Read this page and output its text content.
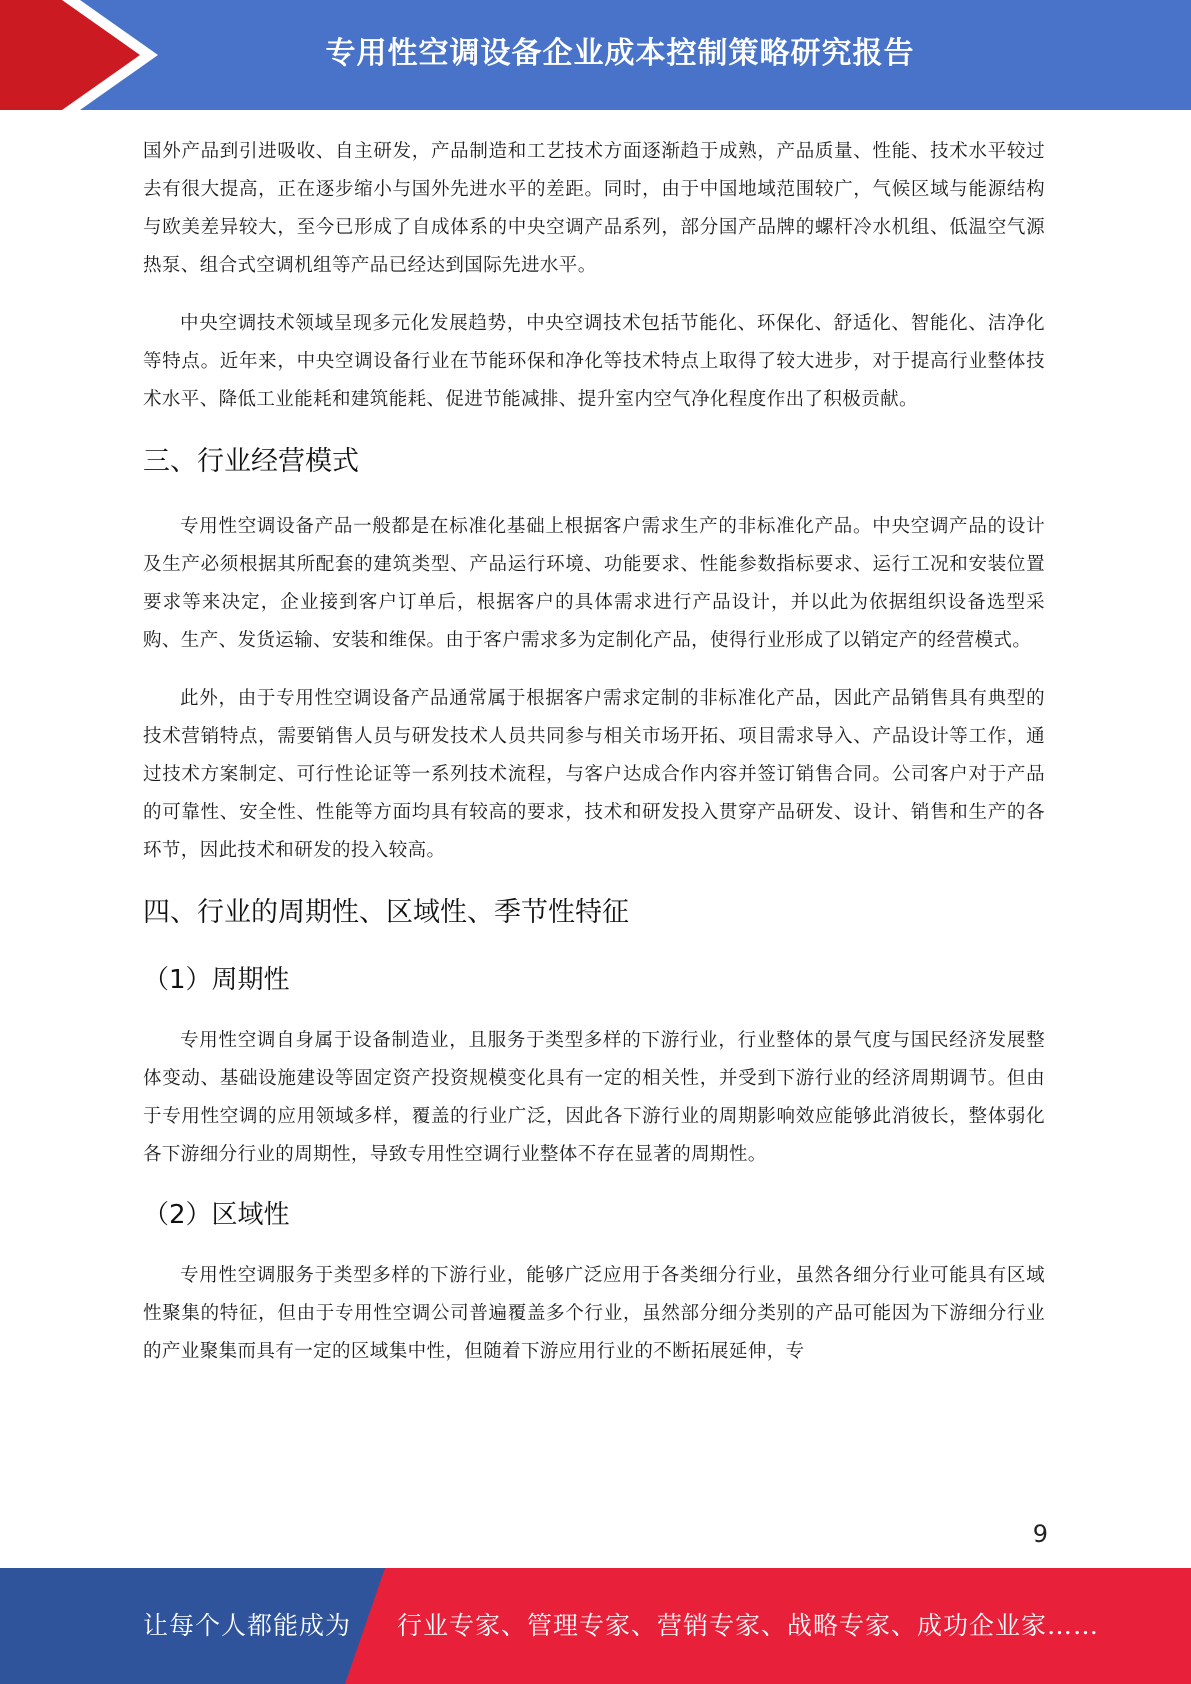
专用性空调设备企业成本控制策略研究报告

国外产品到引进吸收、自主研发，产品制造和工艺技术方面逐渐趋于成熟，产品质量、性能、技术水平较过去有很大提高，正在逐步缩小与国外先进水平的差距。同时，由于中国地域范围较广，气候区域与能源结构与欧美差异较大，至今已形成了自成体系的中央空调产品系列，部分国产品牌的螺杆冷水机组、低温空气源热泵、组合式空调机组等产品已经达到国际先进水平。

中央空调技术领域呈现多元化发展趋势，中央空调技术包括节能化、环保化、舒适化、智能化、洁净化等特点。近年来，中央空调设备行业在节能环保和净化等技术特点上取得了较大进步，对于提高行业整体技术水平、降低工业能耗和建筑能耗、促进节能减排、提升室内空气净化程度作出了积极贡献。

三、行业经营模式

专用性空调设备产品一般都是在标准化基础上根据客户需求生产的非标准化产品。中央空调产品的设计及生产必须根据其所配套的建筑类型、产品运行环境、功能要求、性能参数指标要求、运行工况和安装位置要求等来决定，企业接到客户订单后，根据客户的具体需求进行产品设计，并以此为依据组织设备选型采购、生产、发货运输、安装和维保。由于客户需求多为定制化产品，使得行业形成了以销定产的经营模式。

此外，由于专用性空调设备产品通常属于根据客户需求定制的非标准化产品，因此产品销售具有典型的技术营销特点，需要销售人员与研发技术人员共同参与相关市场开拓、项目需求导入、产品设计等工作，通过技术方案制定、可行性论证等一系列技术流程，与客户达成合作内容并签订销售合同。公司客户对于产品的可靠性、安全性、性能等方面均具有较高的要求，技术和研发投入贯穿产品研发、设计、销售和生产的各环节，因此技术和研发的投入较高。

四、行业的周期性、区域性、季节性特征
（1）周期性

专用性空调自身属于设备制造业，且服务于类型多样的下游行业，行业整体的景气度与国民经济发展整体变动、基础设施建设等固定资产投资规模变化具有一定的相关性，并受到下游行业的经济周期调节。但由于专用性空调的应用领域多样，覆盖的行业广泛，因此各下游行业的周期影响效应能够此消彼长，整体弱化各下游细分行业的周期性，导致专用性空调行业整体不存在显著的周期性。

（2）区域性

专用性空调服务于类型多样的下游行业，能够广泛应用于各类细分行业，虽然各细分行业可能具有区域性聚集的特征，但由于专用性空调公司普遍覆盖多个行业，虽然部分细分类别的产品可能因为下游细分行业的产业聚集而具有一定的区域集中性，但随着下游应用行业的不断拓展延伸，专

9
让每个人都能成为 行业专家、管理专家、营销专家、战略专家、成功企业家……
